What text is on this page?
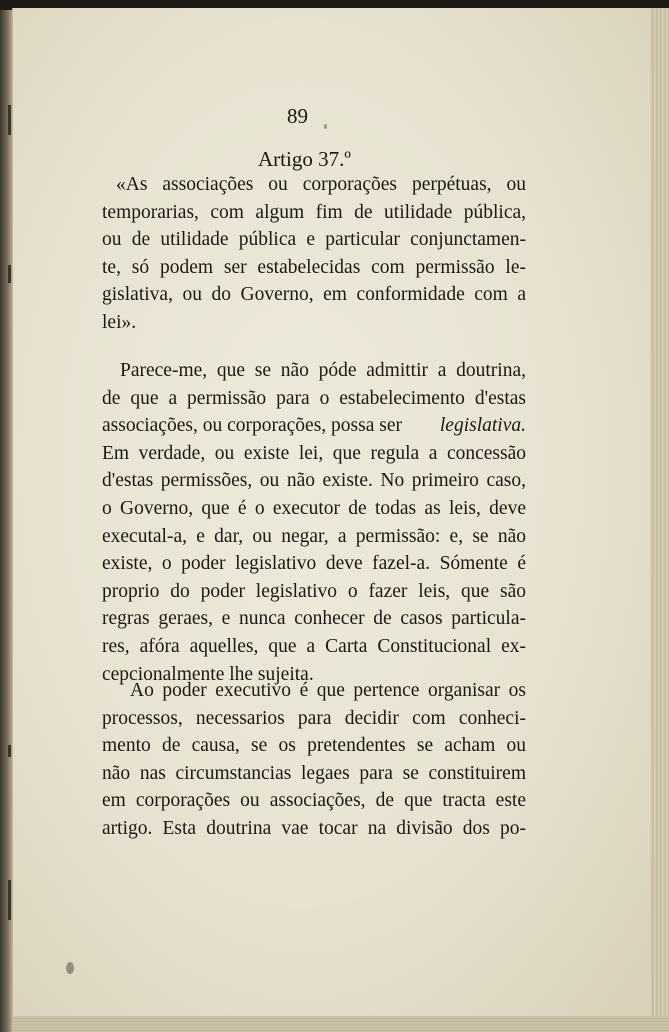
89
Artigo 37.º
«As associações ou corporações perpétuas, ou
temporarias, com algum fim de utilidade pública,
ou de utilidade pública e particular conjunctamen-
te, só podem ser estabelecidas com permissão le-
gislativa, ou do Governo, em conformidade com a
lei».
Parece-me, que se não póde admittir a doutrina,
de que a permissão para o estabelecimento d'estas
associações, ou corporações, possa ser legislativa.
Em verdade, ou existe lei, que regula a concessão
d'estas permissões, ou não existe. No primeiro caso,
o Governo, que é o executor de todas as leis, deve
executal-a, e dar, ou negar, a permissão: e, se não
existe, o poder legislativo deve fazel-a. Sómente é
proprio do poder legislativo o fazer leis, que são
regras geraes, e nunca conhecer de casos particula-
res, afóra aquelles, que a Carta Constitucional ex-
cepcionalmente lhe sujeita.
Ao poder executivo é que pertence organisar os
processos, necessarios para decidir com conheci-
mento de causa, se os pretendentes se acham ou
não nas circumstancias legaes para se constituirem
em corporações ou associações, de que tracta este
artigo. Esta doutrina vae tocar na divisão dos po-
